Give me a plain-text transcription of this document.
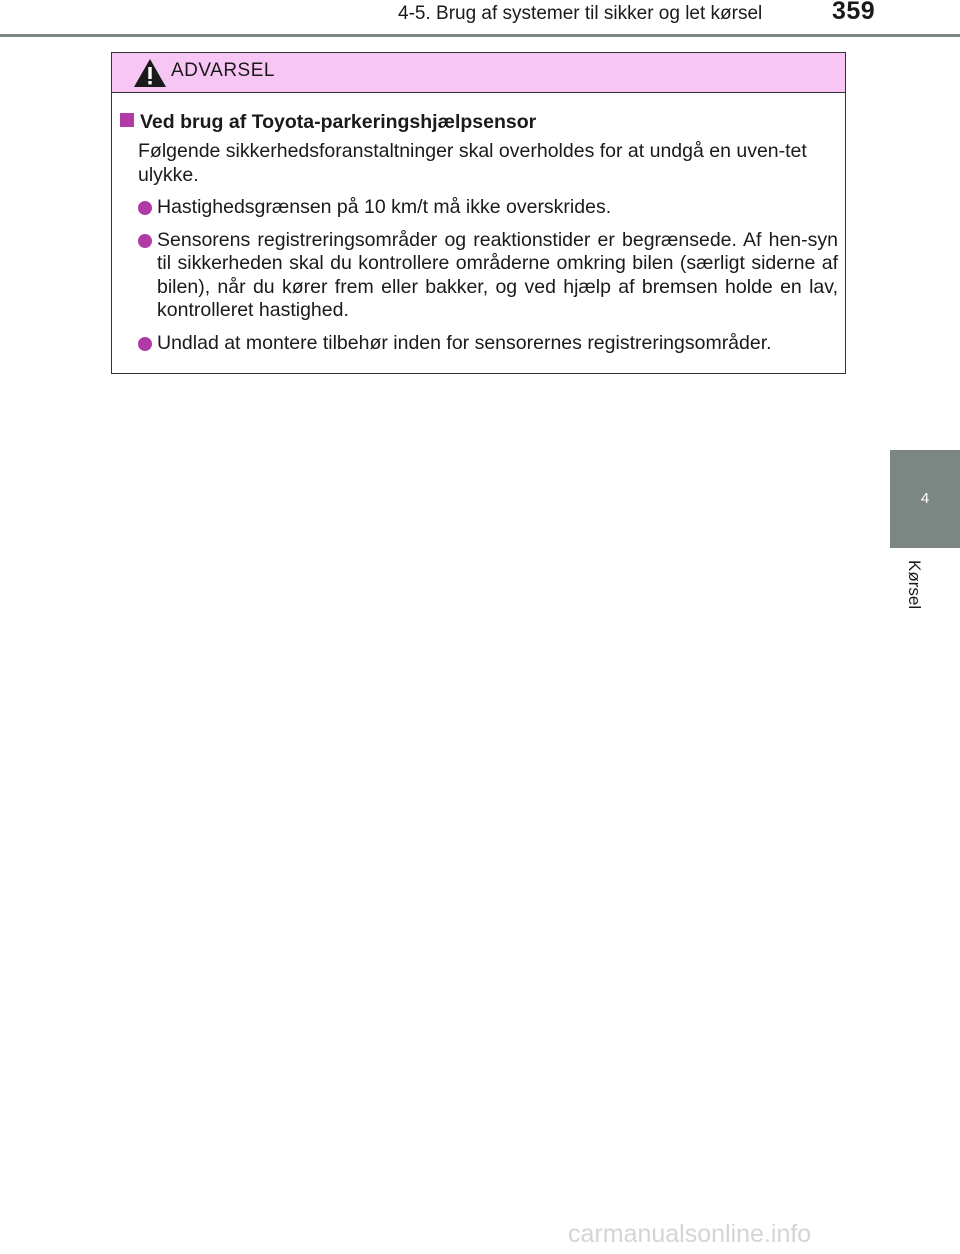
4-5. Brug af systemer til sikker og let kørsel	359
4
Kørsel
ADVARSEL
Ved brug af Toyota-parkeringshjælpsensor
Følgende sikkerhedsforanstaltninger skal overholdes for at undgå en uven-tet ulykke.
Hastighedsgrænsen på 10 km/t må ikke overskrides.
Sensorens registreringsområder og reaktionstider er begrænsede. Af hen-syn til sikkerheden skal du kontrollere områderne omkring bilen (særligt siderne af bilen), når du kører frem eller bakker, og ved hjælp af bremsen holde en lav, kontrolleret hastighed.
Undlad at montere tilbehør inden for sensorernes registreringsområder.
carmanualsonline.info
